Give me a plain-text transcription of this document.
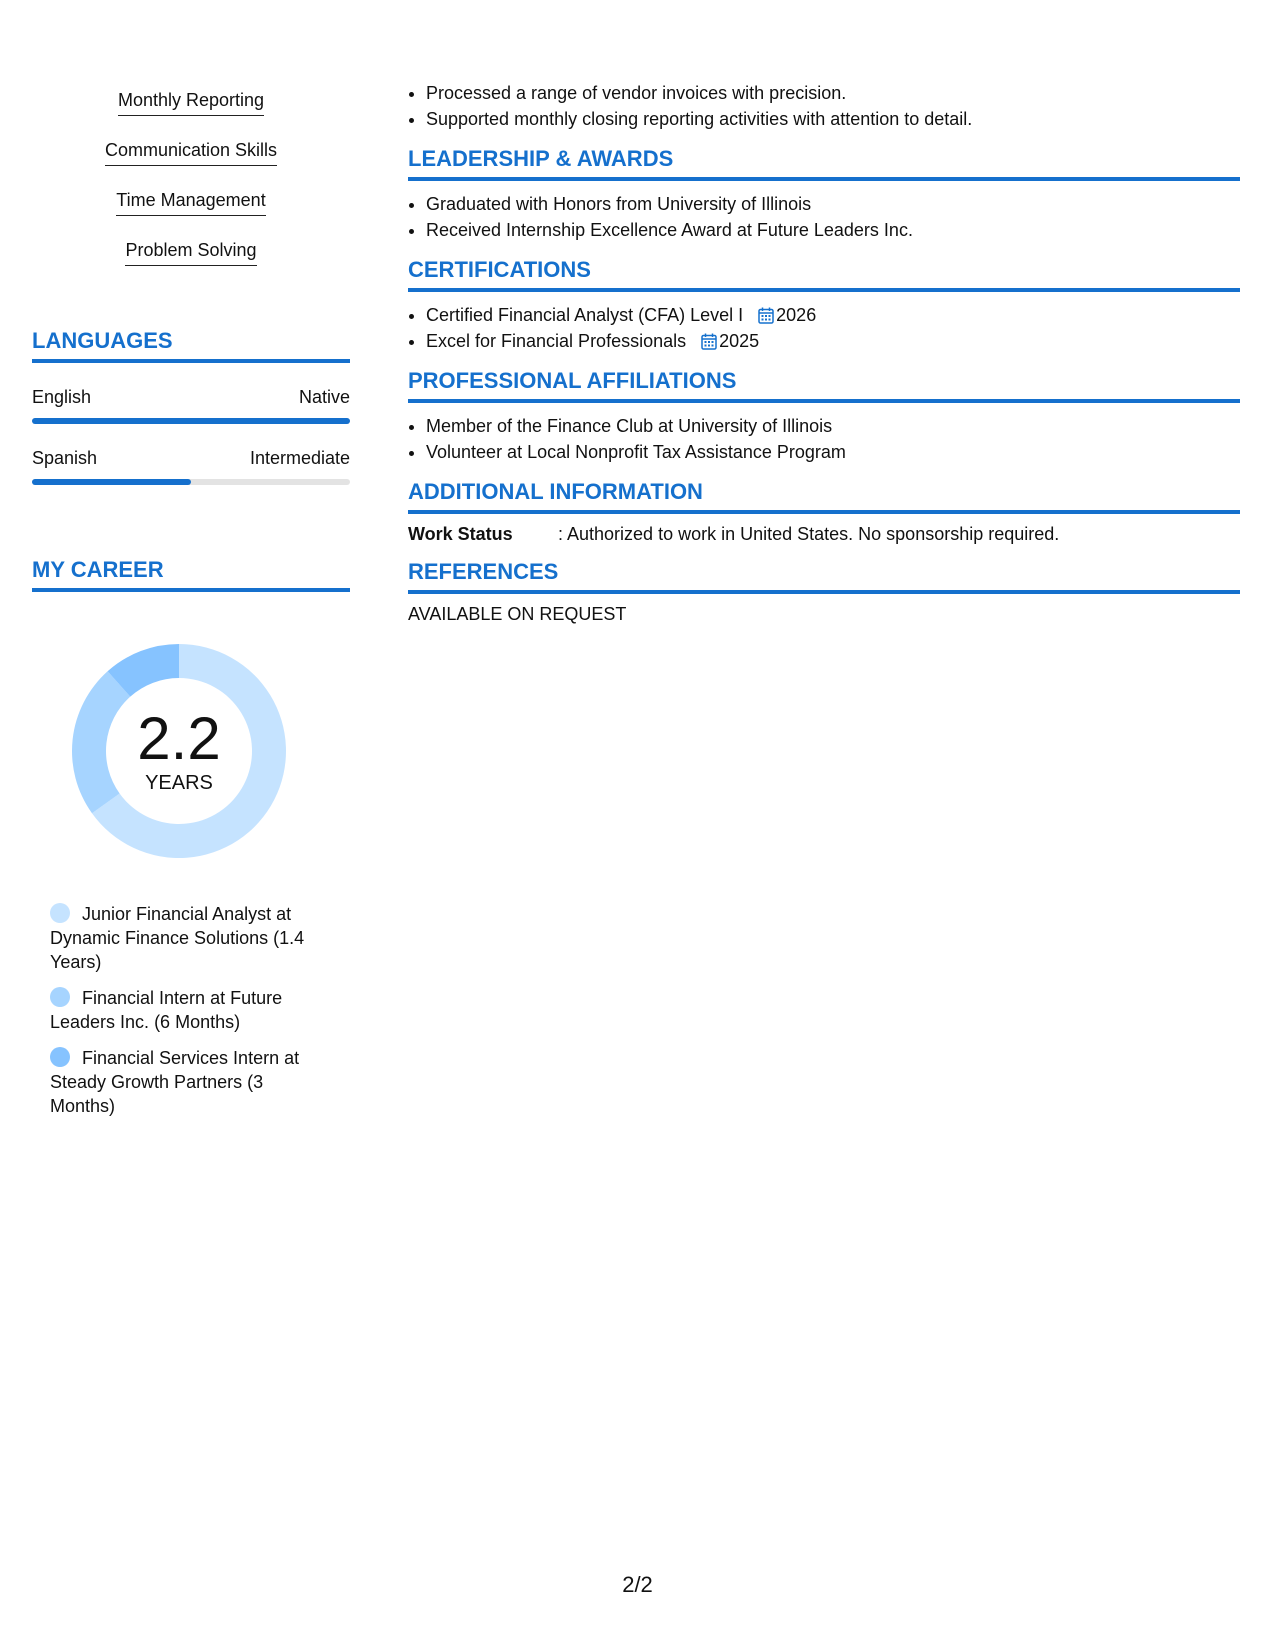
Monthly Reporting
Communication Skills
Time Management
Problem Solving
LANGUAGES
English	Native
Spanish	Intermediate
MY CAREER
2.2
YEARS
Junior Financial Analyst at Dynamic Finance Solutions (1.4 Years)
Financial Intern at Future Leaders Inc. (6 Months)
Financial Services Intern at Steady Growth Partners (3 Months)
• Processed a range of vendor invoices with precision.
• Supported monthly closing reporting activities with attention to detail.
LEADERSHIP & AWARDS
• Graduated with Honors from University of Illinois
• Received Internship Excellence Award at Future Leaders Inc.
CERTIFICATIONS
• Certified Financial Analyst (CFA) Level I 2026
• Excel for Financial Professionals 2025
PROFESSIONAL AFFILIATIONS
• Member of the Finance Club at University of Illinois
• Volunteer at Local Nonprofit Tax Assistance Program
ADDITIONAL INFORMATION
Work Status	: Authorized to work in United States. No sponsorship required.
REFERENCES
AVAILABLE ON REQUEST
2/2
